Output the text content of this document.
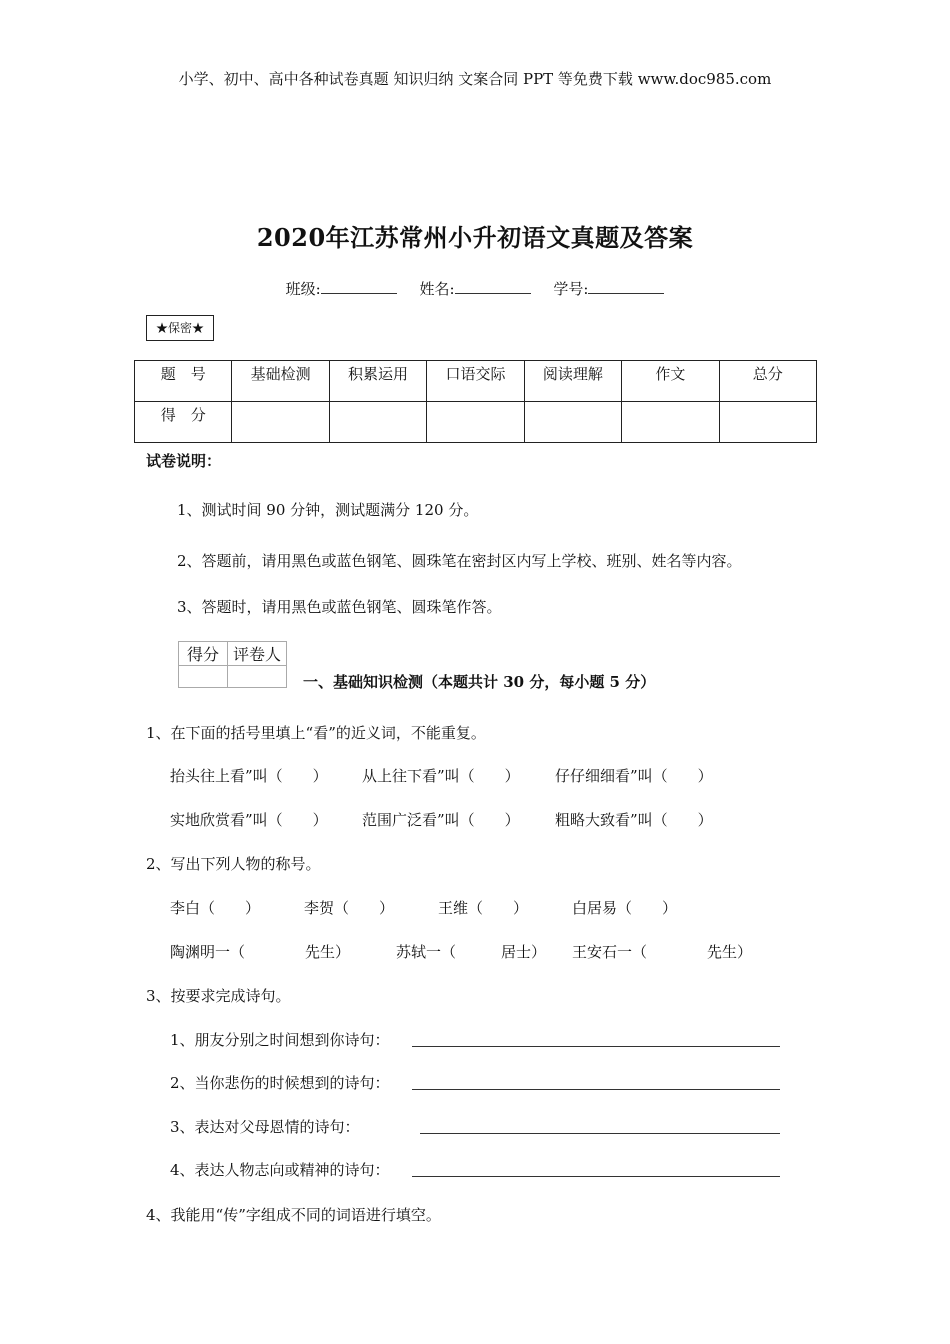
小学、初中、高中各种试卷真题 知识归纳 文案合同 PPT 等免费下载 www.doc985.com
2020年江苏常州小升初语文真题及答案
班级:	姓名:	学号:
★保密★
题　号	基础检测	积累运用	口语交际	阅读理解	作文	总分
得　分						
试卷说明：
1、测试时间 90 分钟，测试题满分 120 分。
2、答题前，请用黑色或蓝色钢笔、圆珠笔在密封区内写上学校、班别、姓名等内容。
3、答题时，请用黑色或蓝色钢笔、圆珠笔作答。
得分	评卷人

一、基础知识检测（本题共计 30 分，每小题 5 分）
1、在下面的括号里填上“看”的近义词，不能重复。
抬头往上看”叫（　　） 从上往下看”叫（　　） 仔仔细细看”叫（　　）
实地欣赏看”叫（　　） 范围广泛看”叫（　　） 粗略大致看”叫（　　）
2、写出下列人物的称号。
李白（　　）	李贺（　　）	王维（　　）	白居易（　　）
陶渊明一（　　　　先生）	苏轼一（　　　居士） 王安石一（　　　　先生）
3、按要求完成诗句。
1、朋友分别之时间想到你诗句：
2、当你悲伤的时候想到的诗句：
3、表达对父母恩情的诗句：
4、表达人物志向或精神的诗句：
4、我能用“传”字组成不同的词语进行填空。
